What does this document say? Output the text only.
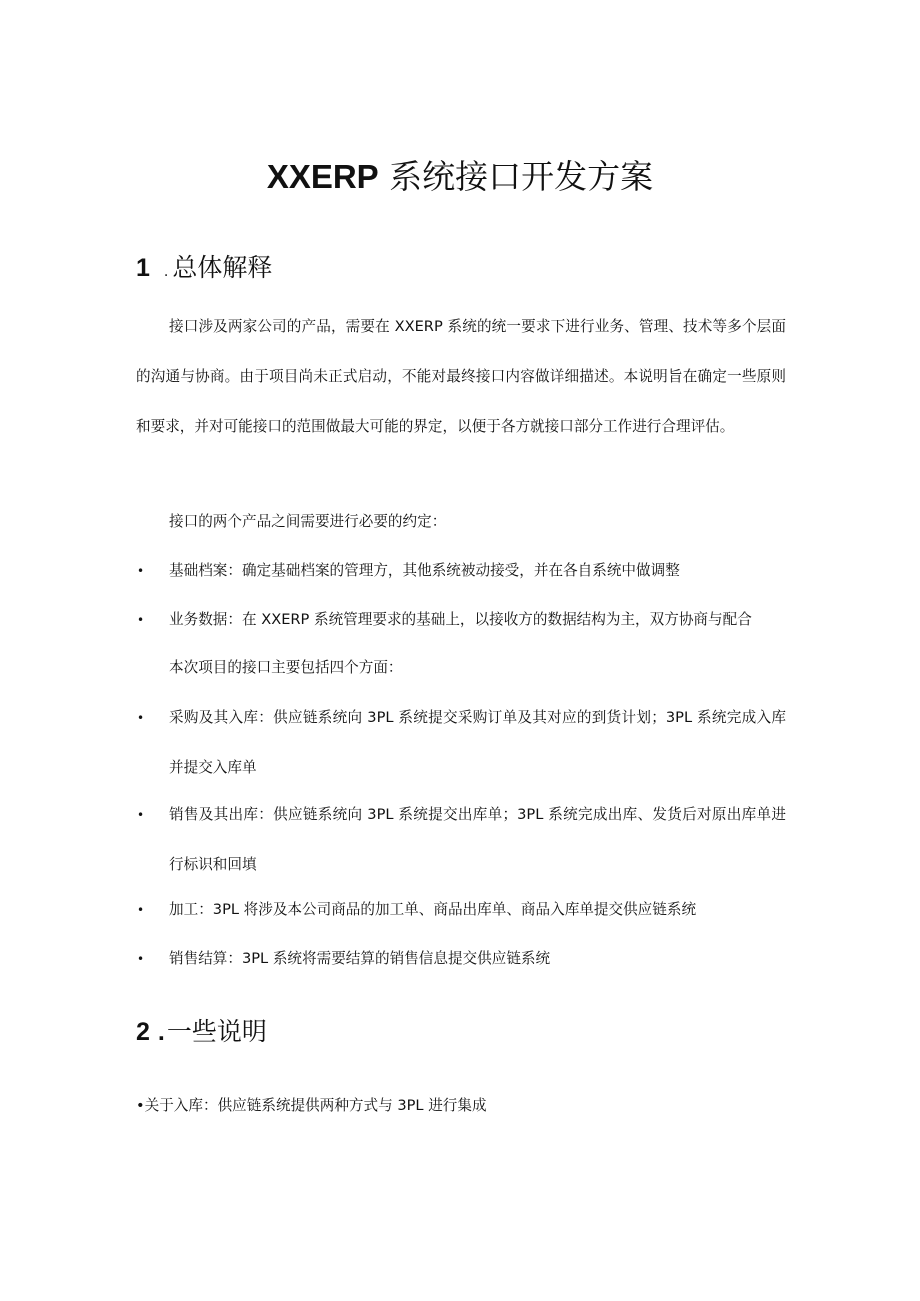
XXERP 系统接口开发方案
1 . 总体解释

接口涉及两家公司的产品，需要在 XXERP 系统的统一要求下进行业务、管理、技术等多个层面的沟通与协商。由于项目尚未正式启动，不能对最终接口内容做详细描述。本说明旨在确定一些原则和要求，并对可能接口的范围做最大可能的界定，以便于各方就接口部分工作进行合理评估。

接口的两个产品之间需要进行必要的约定：

• 基础档案：确定基础档案的管理方，其他系统被动接受，并在各自系统中做调整

• 业务数据：在 XXERP 系统管理要求的基础上，以接收方的数据结构为主，双方协商与配合

本次项目的接口主要包括四个方面：

• 采购及其入库：供应链系统向 3PL 系统提交采购订单及其对应的到货计划；3PL 系统完成入库并提交入库单

• 销售及其出库：供应链系统向 3PL 系统提交出库单；3PL 系统完成出库、发货后对原出库单进行标识和回填

• 加工：3PL 将涉及本公司商品的加工单、商品出库单、商品入库单提交供应链系统

• 销售结算：3PL 系统将需要结算的销售信息提交供应链系统

2 .一些说明

•关于入库：供应链系统提供两种方式与 3PL 进行集成
